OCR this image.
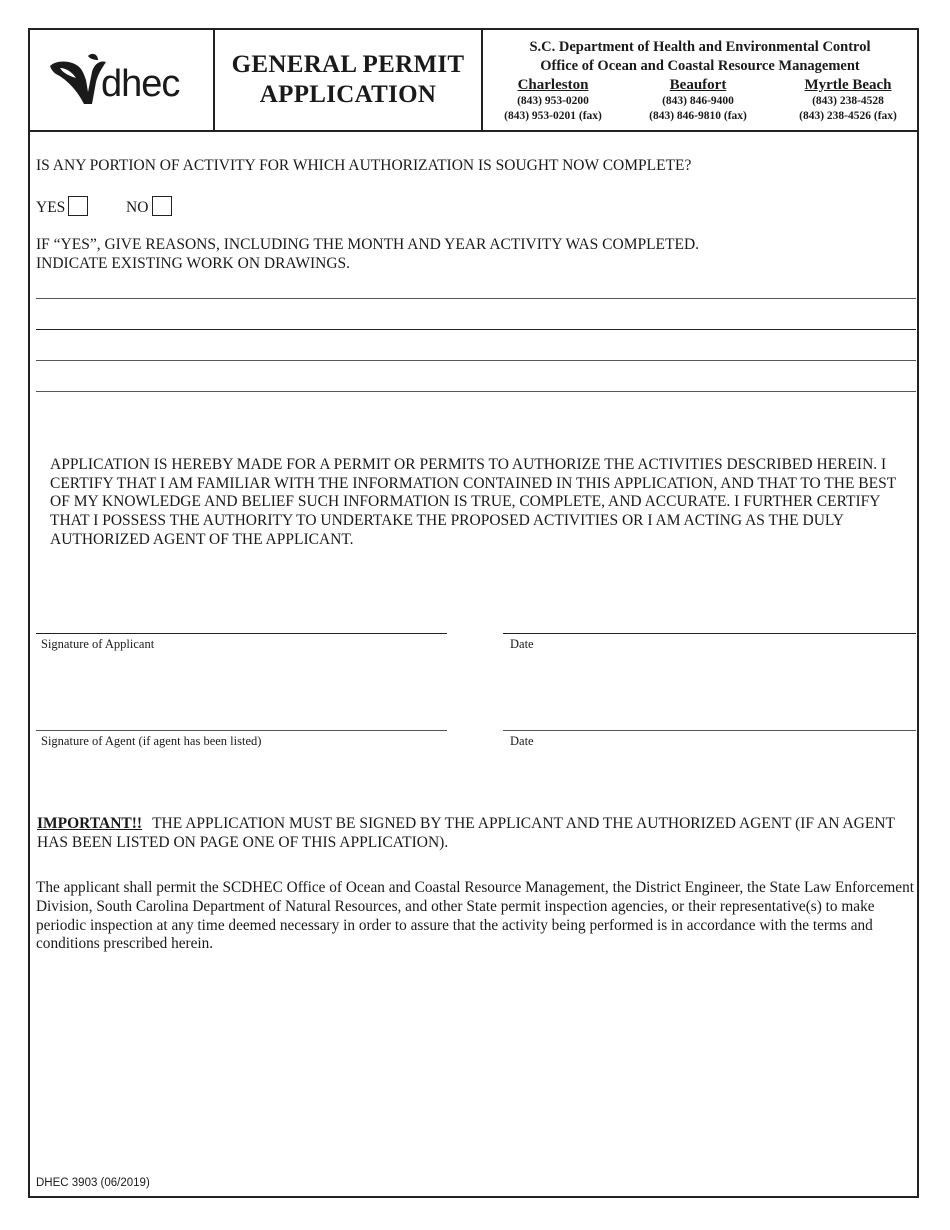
dhec GENERAL PERMIT
APPLICATION
S.C. Department of Health and Environmental Control
Office of Ocean and Coastal Resource Management
Charleston
(843) 953-0200
(843) 953-0201 (fax)
Beaufort
(843) 846-9400
(843) 846-9810 (fax)
Myrtle Beach
(843) 238-4528
(843) 238-4526 (fax)
IS ANY PORTION OF ACTIVITY FOR WHICH AUTHORIZATION IS SOUGHT NOW COMPLETE?
YES	NO
IF “YES”, GIVE REASONS, INCLUDING THE MONTH AND YEAR ACTIVITY WAS COMPLETED.
INDICATE EXISTING WORK ON DRAWINGS.
APPLICATION IS HEREBY MADE FOR A PERMIT OR PERMITS TO AUTHORIZE THE ACTIVITIES DESCRIBED HEREIN. I CERTIFY THAT I AM FAMILIAR WITH THE INFORMATION CONTAINED IN THIS APPLICATION, AND THAT TO THE BEST OF MY KNOWLEDGE AND BELIEF SUCH INFORMATION IS TRUE, COMPLETE, AND ACCURATE. I FURTHER CERTIFY THAT I POSSESS THE AUTHORITY TO UNDERTAKE THE PROPOSED ACTIVITIES OR I AM ACTING AS THE DULY AUTHORIZED AGENT OF THE APPLICANT.
Signature of Applicant	Date
Signature of Agent (if agent has been listed)	Date
IMPORTANT!! THE APPLICATION MUST BE SIGNED BY THE APPLICANT AND THE AUTHORIZED AGENT (IF AN AGENT HAS BEEN LISTED ON PAGE ONE OF THIS APPLICATION).
The applicant shall permit the SCDHEC Office of Ocean and Coastal Resource Management, the District Engineer, the State Law Enforcement Division, South Carolina Department of Natural Resources, and other State permit inspection agencies, or their representative(s) to make periodic inspection at any time deemed necessary in order to assure that the activity being performed is in accordance with the terms and conditions prescribed herein.
DHEC 3903 (06/2019)
